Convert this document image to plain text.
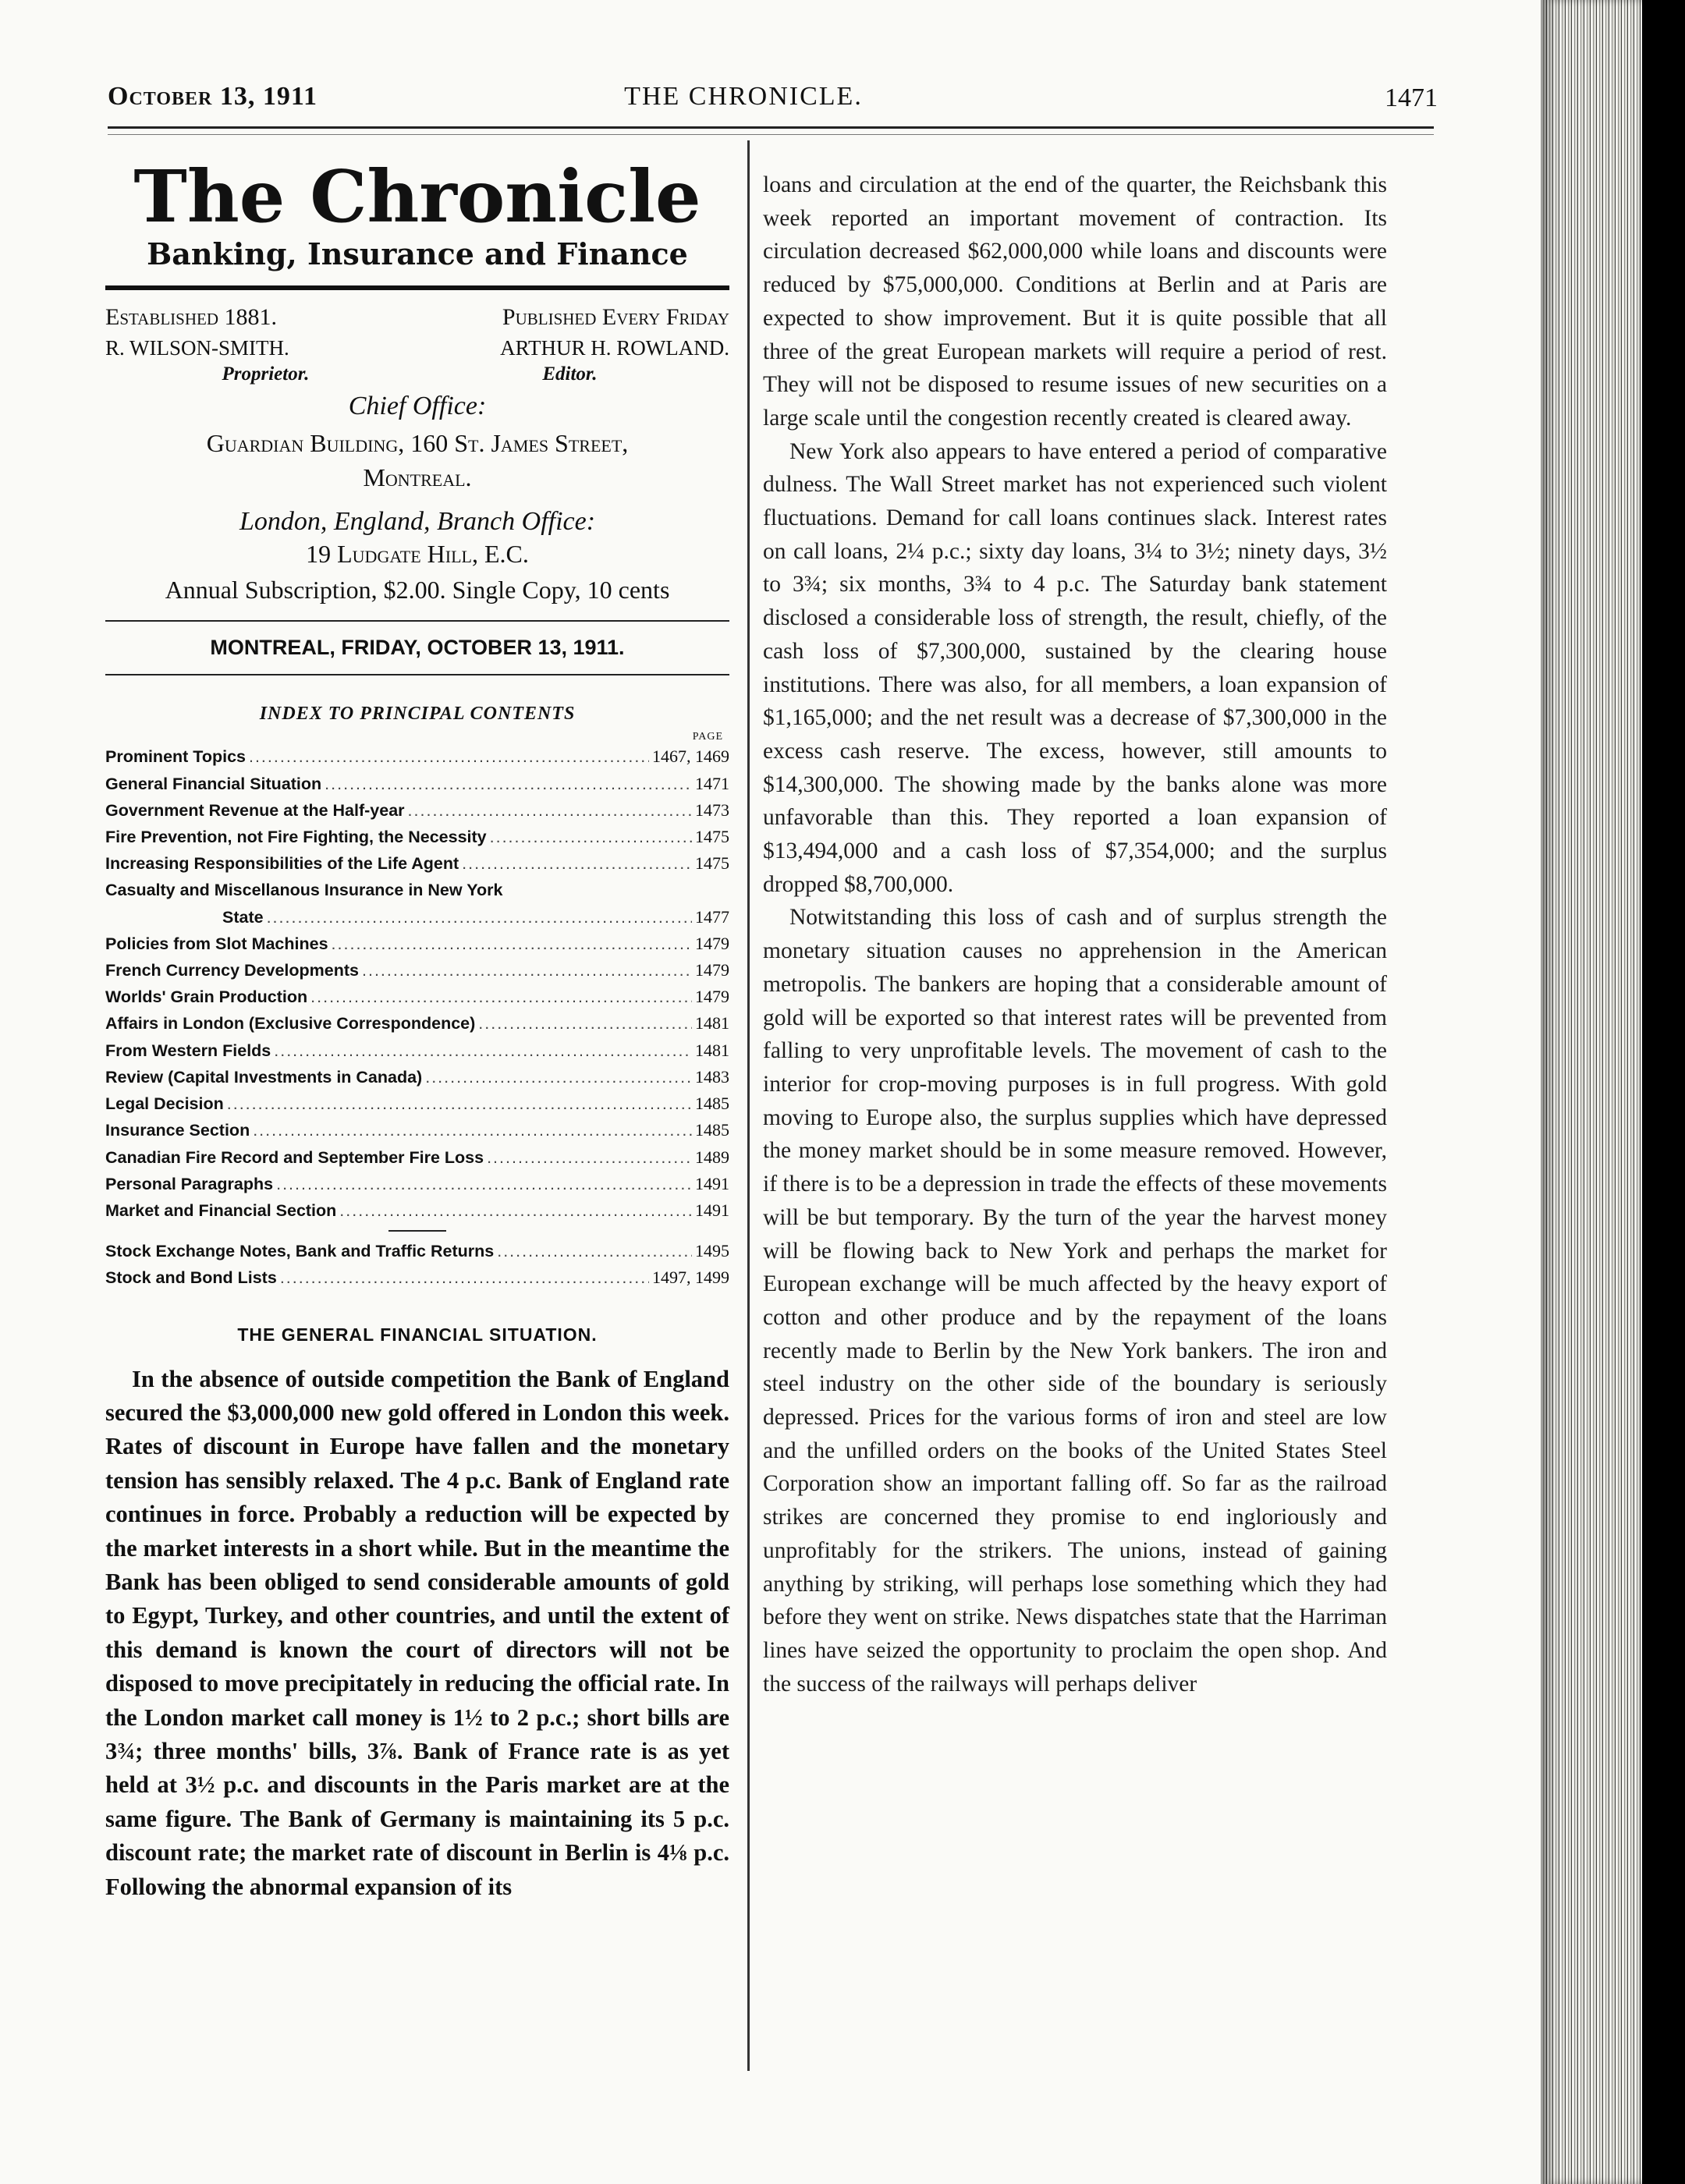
October 13, 1911	THE CHRONICLE.	1471
The Chronicle
Banking, Insurance and Finance
Established 1881.	Published Every Friday
R. WILSON-SMITH.	ARTHUR H. ROWLAND.
Proprietor.	Editor.
Chief Office:
Guardian Building, 160 St. James Street,
Montreal.
London, England, Branch Office:
19 Ludgate Hill, E.C.
Annual Subscription, $2.00. Single Copy, 10 cents
MONTREAL, FRIDAY, OCTOBER 13, 1911.
INDEX TO PRINCIPAL CONTENTS
PAGE
Prominent Topics .....	1467, 1469
General Financial Situation .....	1471
Government Revenue at the Half-year .....	1473
Fire Prevention, not Fire Fighting, the Necessity .....	1475
Increasing Responsibilities of the Life Agent .....	1475
Casualty and Miscellanous Insurance in New York
State .....	1477
Policies from Slot Machines .....	1479
French Currency Developments .....	1479
Worlds' Grain Production .....	1479
Affairs in London (Exclusive Correspondence) .....	1481
From Western Fields .....	1481
Review (Capital Investments in Canada) .....	1483
Legal Decision .....	1485
Insurance Section .....	1485
Canadian Fire Record and September Fire Loss .....	1489
Personal Paragraphs .....	1491
Market and Financial Section .....	1491
Stock Exchange Notes, Bank and Traffic Returns .....	1495
Stock and Bond Lists .....	1497, 1499
THE GENERAL FINANCIAL SITUATION.
In the absence of outside competition the Bank of England secured the $3,000,000 new gold offered in London this week. Rates of discount in Europe have fallen and the monetary tension has sensibly relaxed. The 4 p.c. Bank of England rate continues in force. Probably a reduction will be expected by the market interests in a short while. But in the meantime the Bank has been obliged to send considerable amounts of gold to Egypt, Turkey, and other countries, and until the extent of this demand is known the court of directors will not be disposed to move precipitately in reducing the official rate. In the London market call money is 1½ to 2 p.c.; short bills are 3¾; three months' bills, 3⅞. Bank of France rate is as yet held at 3½ p.c. and discounts in the Paris market are at the same figure. The Bank of Germany is maintaining its 5 p.c. discount rate; the market rate of discount in Berlin is 4⅛ p.c. Following the abnormal expansion of its

loans and circulation at the end of the quarter, the Reichsbank this week reported an important movement of contraction. Its circulation decreased $62,000,000 while loans and discounts were reduced by $75,000,000. Conditions at Berlin and at Paris are expected to show improvement. But it is quite possible that all three of the great European markets will require a period of rest. They will not be disposed to resume issues of new securities on a large scale until the congestion recently created is cleared away.

New York also appears to have entered a period of comparative dulness. The Wall Street market has not experienced such violent fluctuations. Demand for call loans continues slack. Interest rates on call loans, 2¼ p.c.; sixty day loans, 3¼ to 3½; ninety days, 3½ to 3¾; six months, 3¾ to 4 p.c. The Saturday bank statement disclosed a considerable loss of strength, the result, chiefly, of the cash loss of $7,300,000, sustained by the clearing house institutions. There was also, for all members, a loan expansion of $1,165,000; and the net result was a decrease of $7,300,000 in the excess cash reserve. The excess, however, still amounts to $14,300,000. The showing made by the banks alone was more unfavorable than this. They reported a loan expansion of $13,494,000 and a cash loss of $7,354,000; and the surplus dropped $8,700,000.

Notwitstanding this loss of cash and of surplus strength the monetary situation causes no apprehension in the American metropolis. The bankers are hoping that a considerable amount of gold will be exported so that interest rates will be prevented from falling to very unprofitable levels. The movement of cash to the interior for crop-moving purposes is in full progress. With gold moving to Europe also, the surplus supplies which have depressed the money market should be in some measure removed. However, if there is to be a depression in trade the effects of these movements will be but temporary. By the turn of the year the harvest money will be flowing back to New York and perhaps the market for European exchange will be much affected by the heavy export of cotton and other produce and by the repayment of the loans recently made to Berlin by the New York bankers. The iron and steel industry on the other side of the boundary is seriously depressed. Prices for the various forms of iron and steel are low and the unfilled orders on the books of the United States Steel Corporation show an important falling off. So far as the railroad strikes are concerned they promise to end ingloriously and unprofitably for the strikers. The unions, instead of gaining anything by striking, will perhaps lose something which they had before they went on strike. News dispatches state that the Harriman lines have seized the opportunity to proclaim the open shop. And the success of the railways will perhaps deliver
